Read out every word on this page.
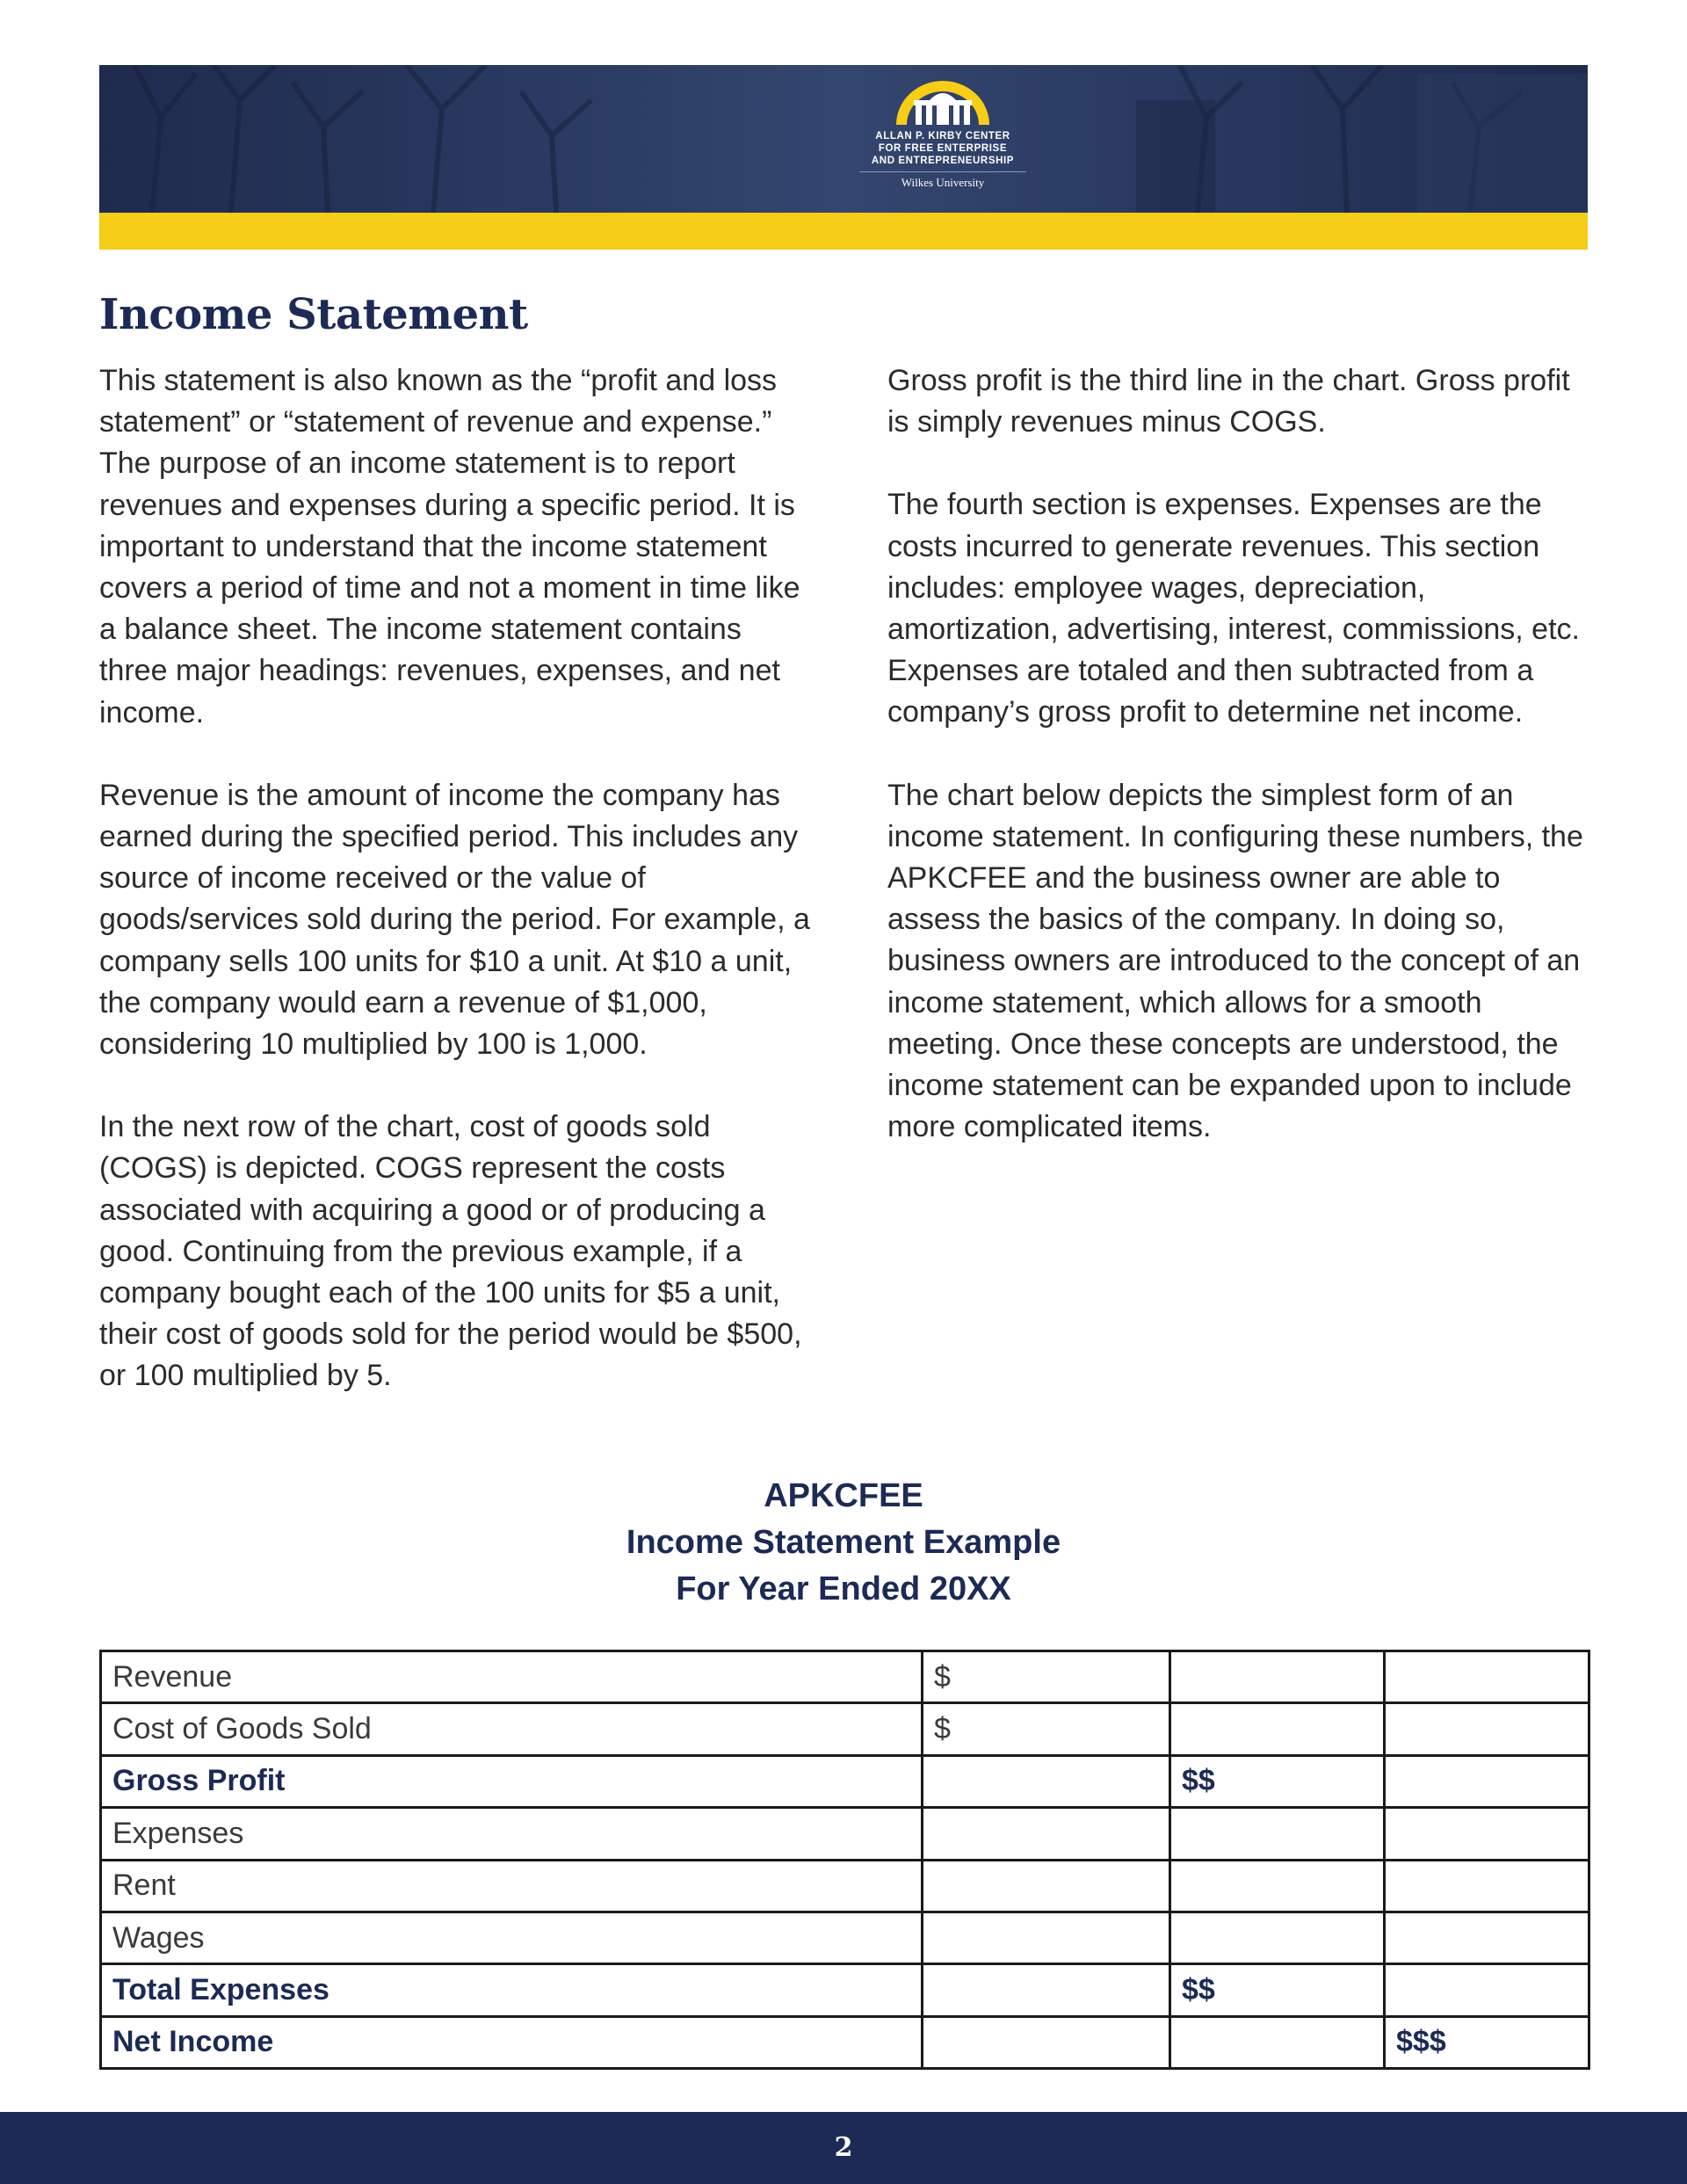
ALLAN P. KIRBY CENTER
FOR FREE ENTERPRISE
AND ENTREPRENEURSHIP
Wilkes University
Income Statement

This statement is also known as the “profit and loss statement” or “statement of revenue and expense.” The purpose of an income statement is to report revenues and expenses during a specific period. It is important to understand that the income statement covers a period of time and not a moment in time like a balance sheet. The income statement contains three major headings: revenues, expenses, and net income.

Revenue is the amount of income the company has earned during the specified period. This includes any source of income received or the value of goods/services sold during the period. For example, a company sells 100 units for $10 a unit. At $10 a unit, the company would earn a revenue of $1,000, considering 10 multiplied by 100 is 1,000.

In the next row of the chart, cost of goods sold (COGS) is depicted. COGS represent the costs associated with acquiring a good or of producing a good. Continuing from the previous example, if a company bought each of the 100 units for $5 a unit, their cost of goods sold for the period would be $500, or 100 multiplied by 5.

Gross profit is the third line in the chart. Gross profit is simply revenues minus COGS.

The fourth section is expenses. Expenses are the costs incurred to generate revenues. This section includes: employee wages, depreciation, amortization, advertising, interest, commissions, etc. Expenses are totaled and then subtracted from a company’s gross profit to determine net income.

The chart below depicts the simplest form of an income statement. In configuring these numbers, the APKCFEE and the business owner are able to assess the basics of the company. In doing so, business owners are introduced to the concept of an income statement, which allows for a smooth meeting. Once these concepts are understood, the income statement can be expanded upon to include more complicated items.

APKCFEE
Income Statement Example
For Year Ended 20XX
Revenue	$		
Cost of Goods Sold	$		
Gross Profit		$$	
Expenses			
Rent			
Wages			
Total Expenses		$$	
Net Income			$$$
2
